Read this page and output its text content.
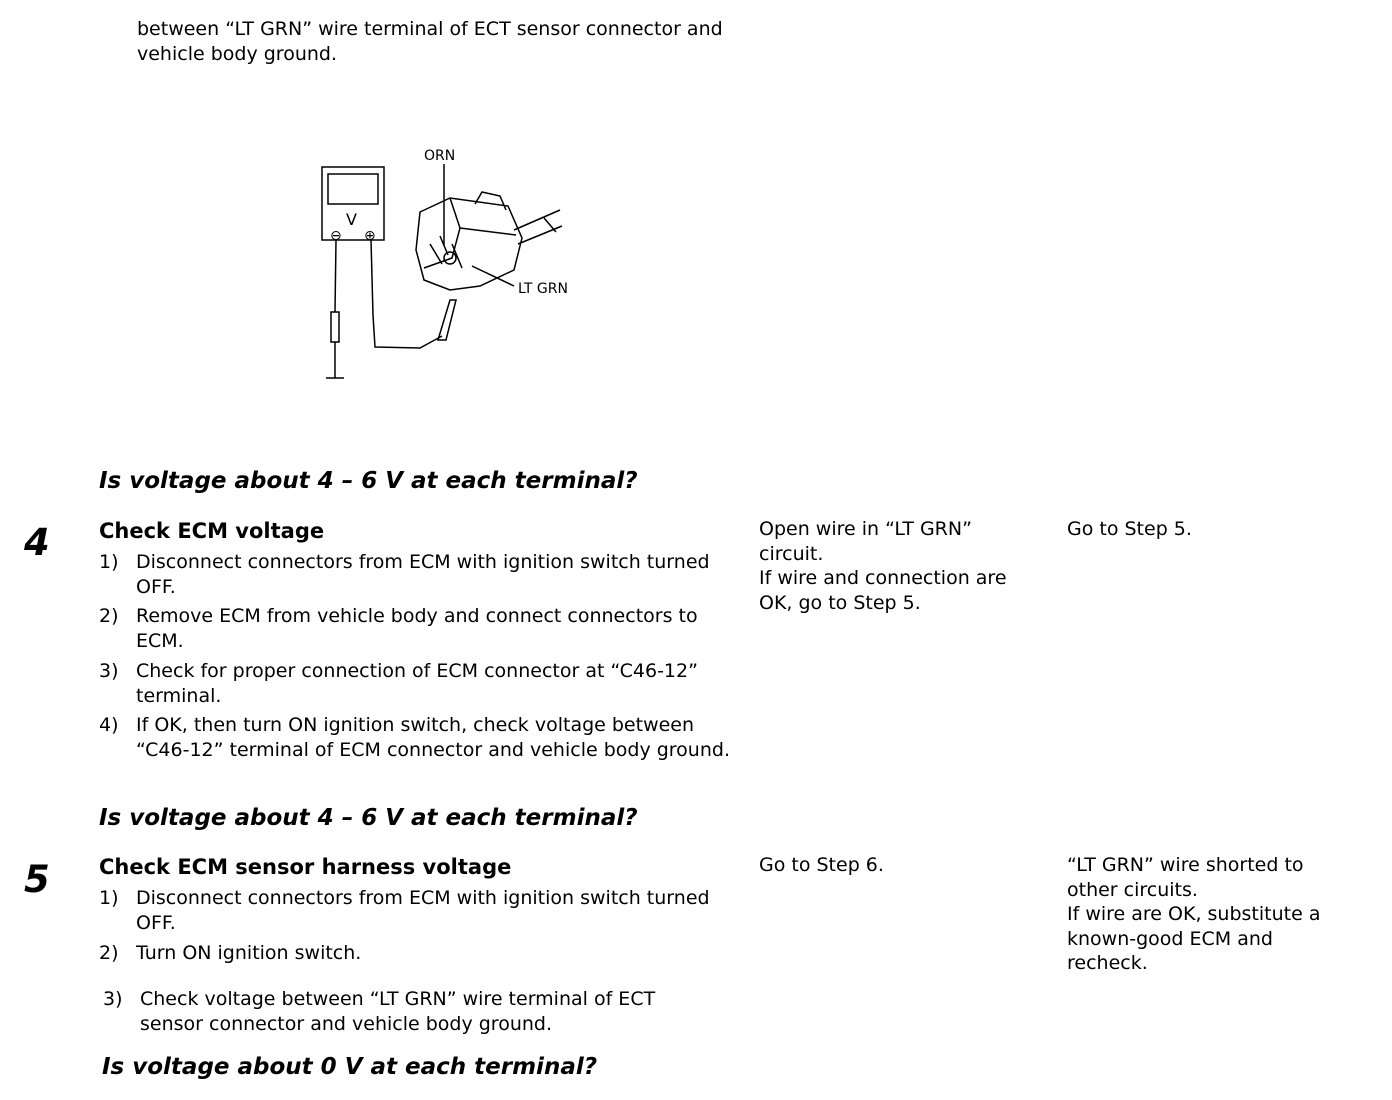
between “LT GRN” wire terminal of ECT sensor connector and vehicle body ground.
V
⊖ ⊕
ORN
LT GRN
Is voltage about 4 – 6 V at each terminal?
4 Check ECM voltage
1) Disconnect connectors from ECM with ignition switch turned OFF.
2) Remove ECM from vehicle body and connect connectors to ECM.
3) Check for proper connection of ECM connector at “C46-12” terminal.
4) If OK, then turn ON ignition switch, check voltage between “C46-12” terminal of ECM connector and vehicle body ground.
Is voltage about 4 – 6 V at each terminal?
Open wire in “LT GRN”
circuit.
If wire and connection are
OK, go to Step 5.
Go to Step 5.
5 Check ECM sensor harness voltage
1) Disconnect connectors from ECM with ignition switch turned OFF.
2) Turn ON ignition switch.
3) Check voltage between “LT GRN” wire terminal of ECT sensor connector and vehicle body ground.
Is voltage about 0 V at each terminal?
Go to Step 6.	“LT GRN” wire shorted to
other circuits.
If wire are OK, substitute a
known-good ECM and
recheck.
